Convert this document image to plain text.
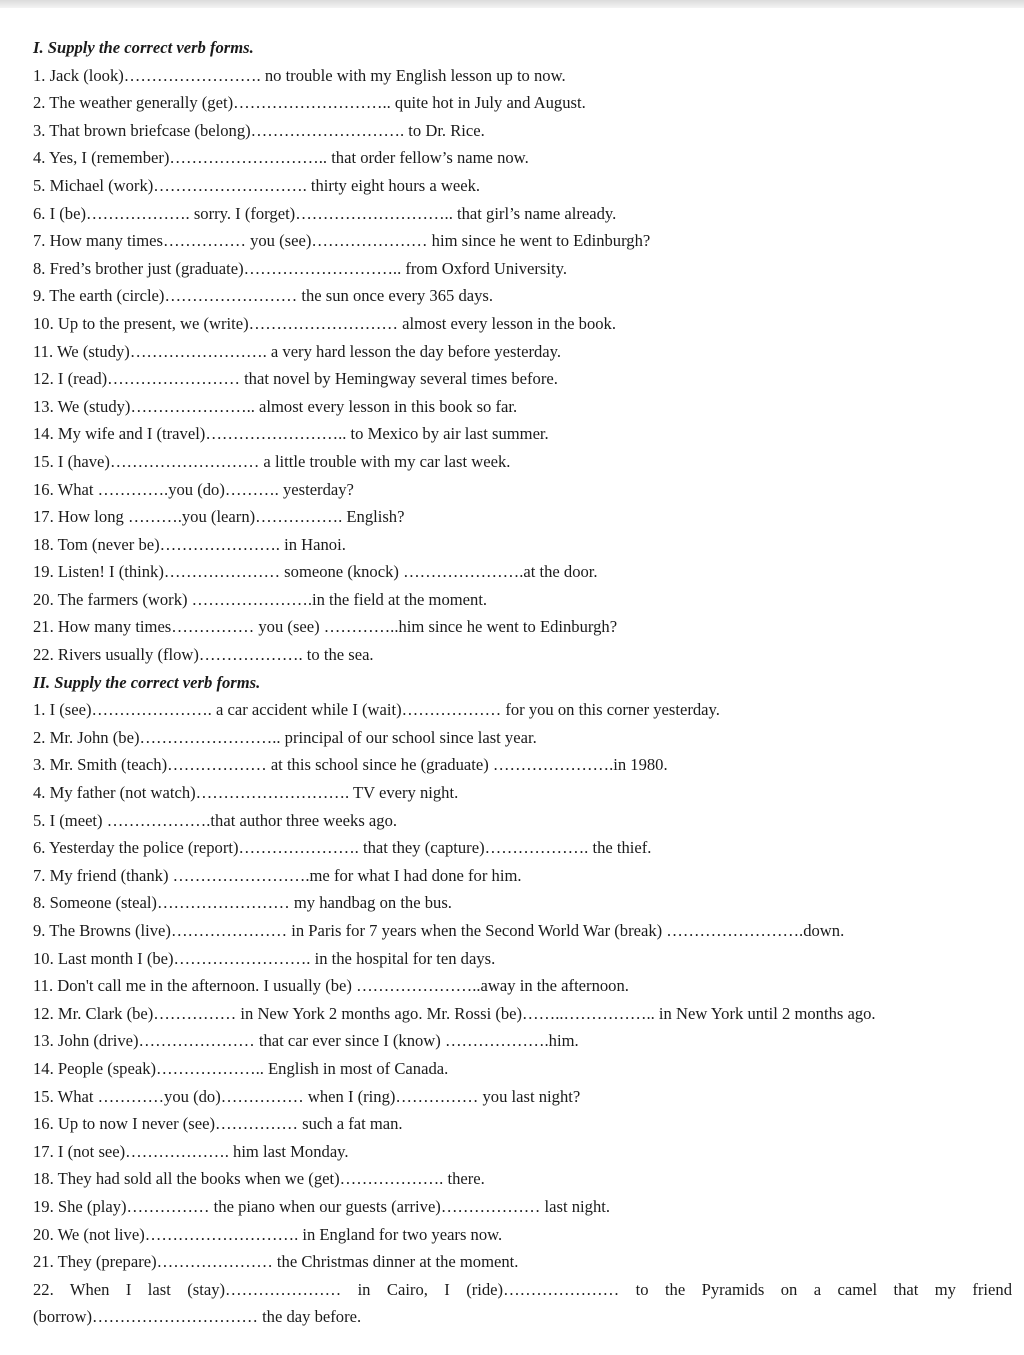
I. Supply the correct verb forms.
1. Jack (look)……………………. no trouble with my English lesson up to now.
2. The weather generally (get)……………………….. quite hot in July and August.
3. That brown briefcase (belong)………………………. to Dr. Rice.
4. Yes, I (remember)……………………….. that order fellow’s name now.
5. Michael (work)………………………. thirty eight hours a week.
6. I (be)………………. sorry. I (forget)……………………….. that girl’s name already.
7. How many times…………… you (see)………………… him since he went to Edinburgh?
8. Fred’s brother just (graduate)……………………….. from Oxford University.
9. The earth (circle)…………………… the sun once every 365 days.
10. Up to the present, we (write)……………………… almost every lesson in the book.
11. We (study)……………………. a very hard lesson the day before yesterday.
12. I (read)…………………… that novel by Hemingway several times before.
13. We (study)………………….. almost every lesson in this book so far.
14. My wife and I (travel)…………………….. to Mexico by air last summer.
15. I (have)……………………… a little trouble with my car last week.
16. What ………….you (do)………. yesterday?
17. How long ……….you (learn)……………. English?
18. Tom (never be)…………………. in Hanoi.
19. Listen! I (think)………………… someone (knock) ………………….at the door.
20. The farmers (work) ………………….in the field at the moment.
21. How many times…………… you (see) …………..him since he went to Edinburgh?
22. Rivers usually (flow)………………. to the sea.
II. Supply the correct verb forms.
1. I (see)…………………. a car accident while I (wait)……………… for you on this corner yesterday.
2. Mr. John (be)…………………….. principal of our school since last year.
3. Mr. Smith (teach)……………… at this school since he (graduate) ………………….in 1980.
4. My father (not watch)………………………. TV every night.
5. I (meet) ……………….that author three weeks ago.
6. Yesterday the police (report)…………………. that they (capture)………………. the thief.
7. My friend (thank) …………………….me for what I had done for him.
8. Someone (steal)…………………… my handbag on the bus.
9. The Browns (live)………………… in Paris for 7 years when the Second World War (break) …………………….down.
10. Last month I (be)……………………. in the hospital for ten days.
11. Don't call me in the afternoon. I usually (be) …………………..away in the afternoon.
12. Mr. Clark (be)…………… in New York 2 months ago. Mr. Rossi (be)……..…………….. in New York until 2 months ago.
13. John (drive)………………… that car ever since I (know) ……………….him.
14. People (speak)……………….. English in most of Canada.
15. What …………you (do)…………… when I (ring)…………… you last night?
16. Up to now I never (see)…………… such a fat man.
17. I (not see)………………. him last Monday.
18. They had sold all the books when we (get)………………. there.
19. She (play)…………… the piano when our guests (arrive)……………… last night.
20. We (not live)………………………. in England for two years now.
21. They (prepare)………………… the Christmas dinner at the moment.
22. When I last (stay)………………… in Cairo, I (ride)………………… to the Pyramids on a camel that my friend (borrow)………………………… the day before.
